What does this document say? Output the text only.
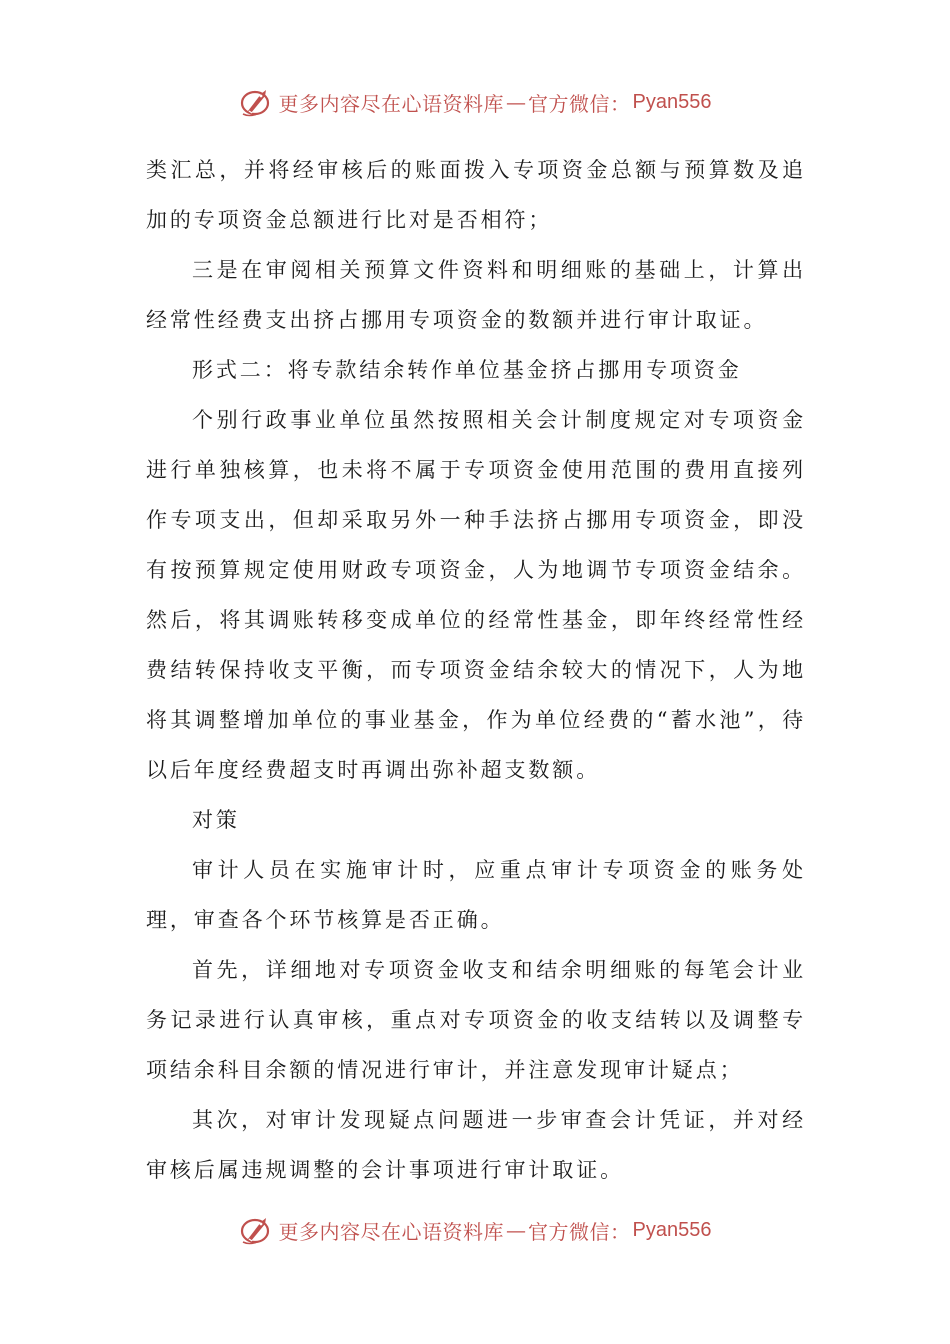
更多内容尽在心语资料库 — 官方微信： Pyan556

类汇总，并将经审核后的账面拨入专项资金总额与预算数及追加的专项资金总额进行比对是否相符；

三是在审阅相关预算文件资料和明细账的基础上，计算出经常性经费支出挤占挪用专项资金的数额并进行审计取证。

形式二：将专款结余转作单位基金挤占挪用专项资金

个别行政事业单位虽然按照相关会计制度规定对专项资金进行单独核算，也未将不属于专项资金使用范围的费用直接列作专项支出，但却采取另外一种手法挤占挪用专项资金，即没有按预算规定使用财政专项资金，人为地调节专项资金结余。然后，将其调账转移变成单位的经常性基金，即年终经常性经费结转保持收支平衡，而专项资金结余较大的情况下，人为地将其调整增加单位的事业基金，作为单位经费的“蓄水池”，待以后年度经费超支时再调出弥补超支数额。

对策

审计人员在实施审计时，应重点审计专项资金的账务处理，审查各个环节核算是否正确。

首先，详细地对专项资金收支和结余明细账的每笔会计业务记录进行认真审核，重点对专项资金的收支结转以及调整专项结余科目余额的情况进行审计，并注意发现审计疑点；

其次，对审计发现疑点问题进一步审查会计凭证，并对经审核后属违规调整的会计事项进行审计取证。

更多内容尽在心语资料库 — 官方微信： Pyan556
